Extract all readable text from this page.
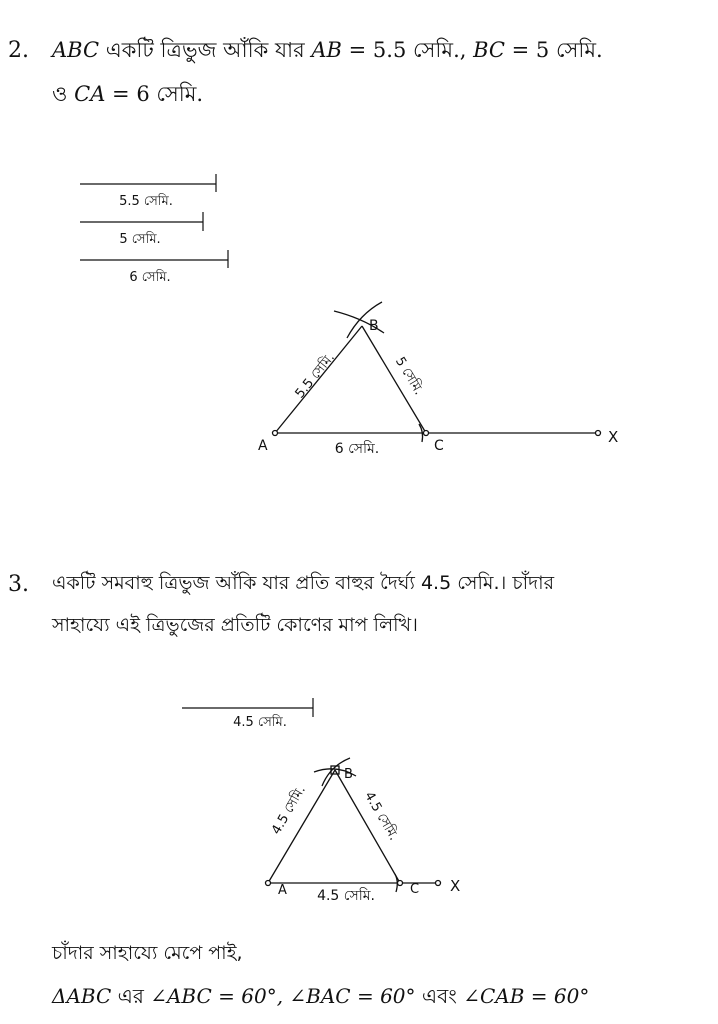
2. ABC একটি ত্রিভুজ আঁকি যার AB = 5.5 সেমি., BC = 5 সেমি.
ও CA = 6 সেমি.
5.5 সেমি.
5 সেমি.
6 সেমি.
A
B
C	X
5.5 সেমি.	5 সেমি.
6 সেমি.
3. একটি সমবাহু ত্রিভুজ আঁকি যার প্রতি বাহুর দৈর্ঘ্য 4.5 সেমি.। চাঁদার
সাহায্যে এই ত্রিভুজের প্রতিটি কোণের মাপ লিখি।
4.5 সেমি.
A
B
C X
4.5 সেমি.	4.5 সেমি.
4.5 সেমি.
চাঁদার সাহায্যে মেপে পাই,
ΔABC এর ∠ABC = 60°, ∠BAC = 60° এবং ∠CAB = 60°
